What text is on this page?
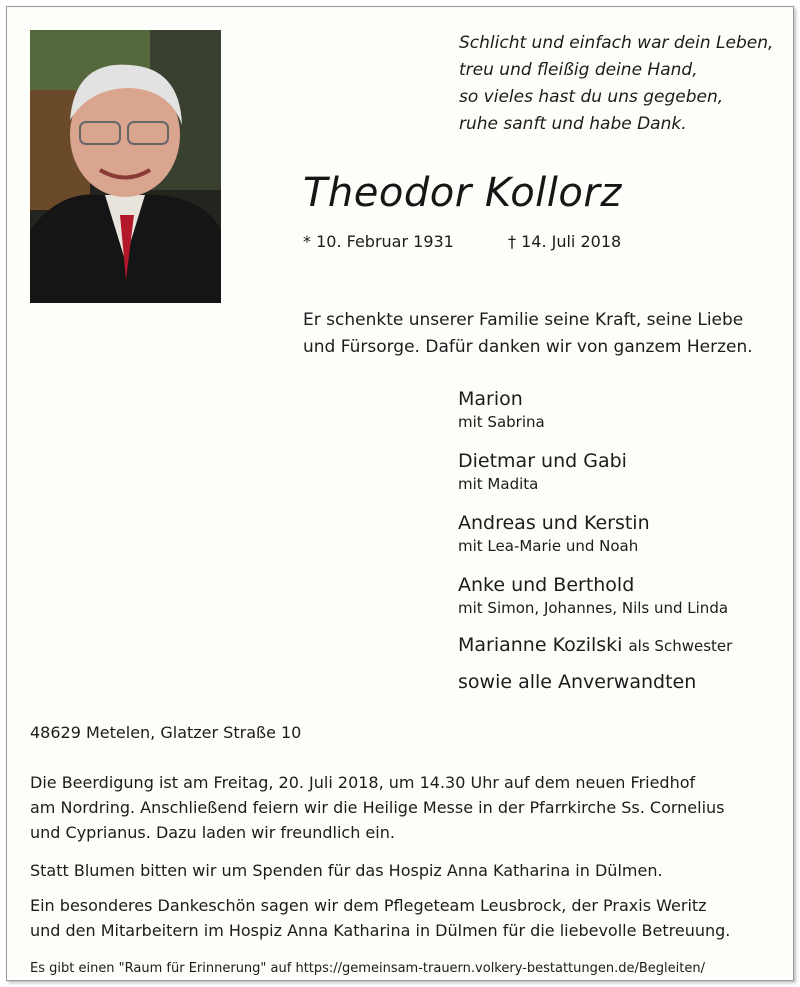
Schlicht und einfach war dein Leben,
treu und fleißig deine Hand,
so vieles hast du uns gegeben,
ruhe sanft und habe Dank.
Theodor Kollorz
* 10. Februar 1931	† 14. Juli 2018
Er schenkte unserer Familie seine Kraft, seine Liebe
und Fürsorge. Dafür danken wir von ganzem Herzen.
Marion
mit Sabrina
Dietmar und Gabi
mit Madita
Andreas und Kerstin
mit Lea-Marie und Noah
Anke und Berthold
mit Simon, Johannes, Nils und Linda
Marianne Kozilski als Schwester
sowie alle Anverwandten
48629 Metelen, Glatzer Straße 10
Die Beerdigung ist am Freitag, 20. Juli 2018, um 14.30 Uhr auf dem neuen Friedhof
am Nordring. Anschließend feiern wir die Heilige Messe in der Pfarrkirche Ss. Cornelius
und Cyprianus. Dazu laden wir freundlich ein.
Statt Blumen bitten wir um Spenden für das Hospiz Anna Katharina in Dülmen.
Ein besonderes Dankeschön sagen wir dem Pflegeteam Leusbrock, der Praxis Weritz
und den Mitarbeitern im Hospiz Anna Katharina in Dülmen für die liebevolle Betreuung.
Es gibt einen "Raum für Erinnerung" auf https://gemeinsam-trauern.volkery-bestattungen.de/Begleiten/
